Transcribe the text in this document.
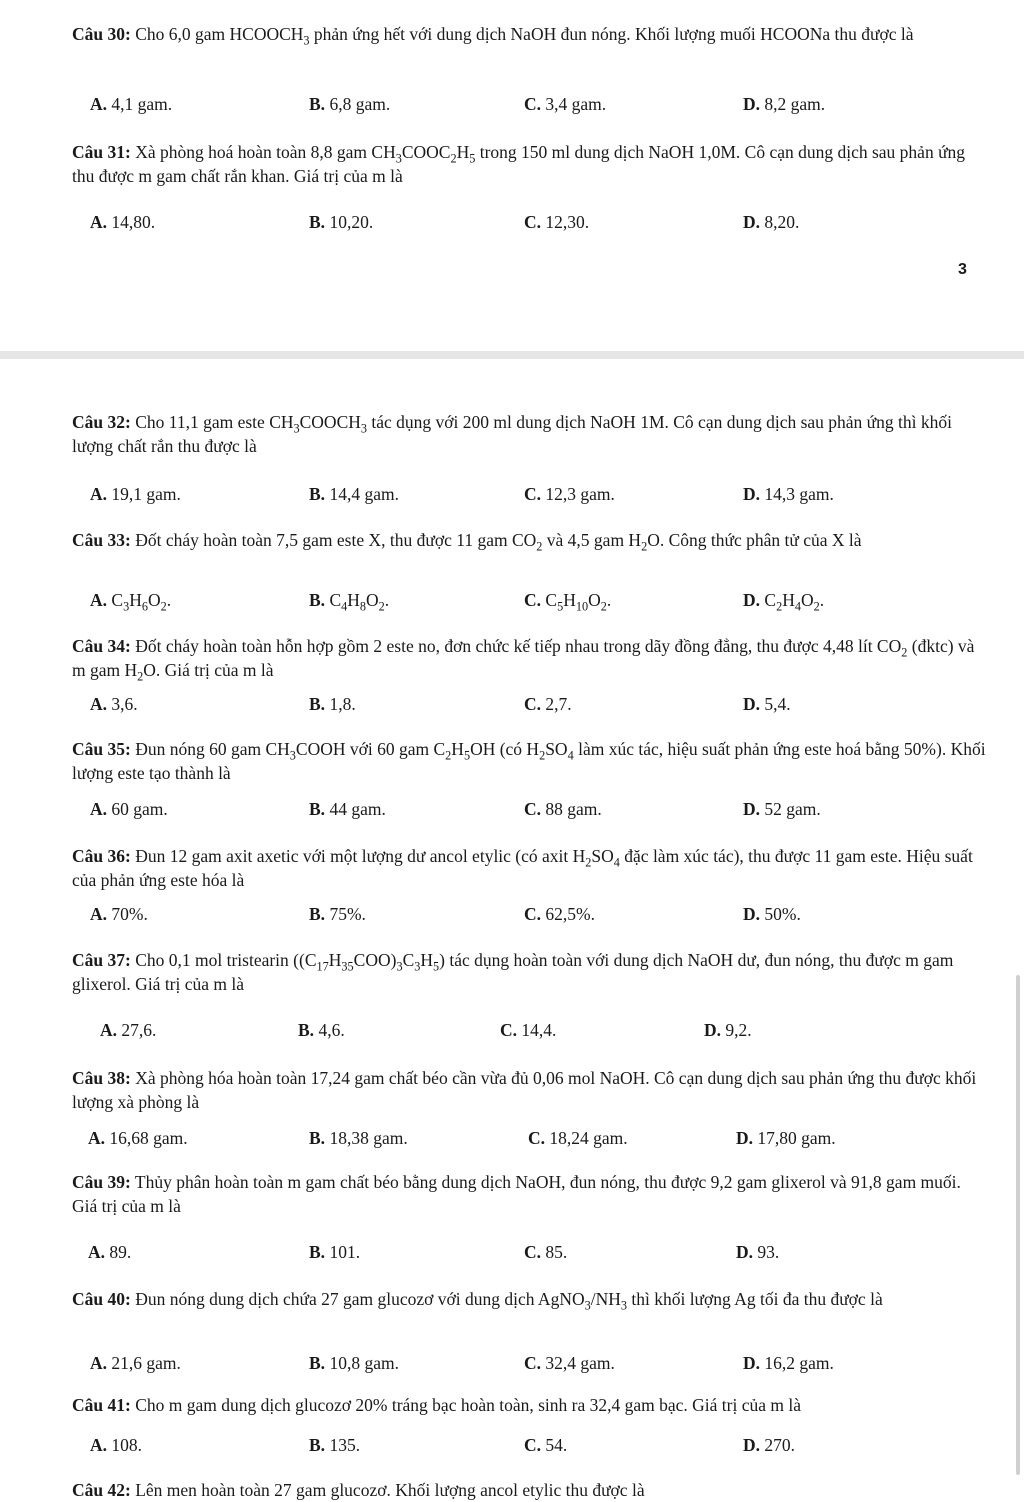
Câu 30: Cho 6,0 gam $HCOOCH_3$ phản ứng hết với dung dịch NaOH đun nóng. Khối lượng muối HCOONa thu được là

A. 4,1 gam.	B. 6,8 gam.	C. 3,4 gam.	D. 8,2 gam.

Câu 31: Xà phòng hoá hoàn toàn 8,8 gam $CH_3COOC_2H_5$ trong 150 ml dung dịch NaOH 1,0M. Cô cạn dung dịch sau phản ứng thu được m gam chất rắn khan. Giá trị của m là

A. 14,80.	B. 10,20.	C. 12,30.	D. 8,20.
3

Câu 32: Cho 11,1 gam este $CH_3COOCH_3$ tác dụng với 200 ml dung dịch NaOH 1M. Cô cạn dung dịch sau phản ứng thì khối lượng chất rắn thu được là

A. 19,1 gam.	B. 14,4 gam.	C. 12,3 gam.	D. 14,3 gam.

Câu 33: Đốt cháy hoàn toàn 7,5 gam este X, thu được 11 gam $CO_2$ và 4,5 gam $H_2O$. Công thức phân tử của X là

A. $C_3H_6O_2$.	B. $C_4H_8O_2$.	C. $C_5H_{10}O_2$.	D. $C_2H_4O_2$.

Câu 34: Đốt cháy hoàn toàn hỗn hợp gồm 2 este no, đơn chức kế tiếp nhau trong dãy đồng đẳng, thu được 4,48 lít $CO_2$ (đktc) và m gam $H_2O$. Giá trị của m là

A. 3,6.	B. 1,8.	C. 2,7.	D. 5,4.

Câu 35: Đun nóng 60 gam $CH_3COOH$ với 60 gam $C_2H_5OH$ (có $H_2SO_4$ làm xúc tác, hiệu suất phản ứng este hoá bằng 50%). Khối lượng este tạo thành là

A. 60 gam.	B. 44 gam.	C. 88 gam.	D. 52 gam.

Câu 36: Đun 12 gam axit axetic với một lượng dư ancol etylic (có axit $H_2SO_4$ đặc làm xúc tác), thu được 11 gam este. Hiệu suất của phản ứng este hóa là

A. 70%.	B. 75%.	C. 62,5%.	D. 50%.

Câu 37: Cho 0,1 mol tristearin $((C_{17}H_{35}COO)_3C_3H_5)$ tác dụng hoàn toàn với dung dịch NaOH dư, đun nóng, thu được m gam glixerol. Giá trị của m là

A. 27,6.	B. 4,6.	C. 14,4.	D. 9,2.

Câu 38: Xà phòng hóa hoàn toàn 17,24 gam chất béo cần vừa đủ 0,06 mol NaOH. Cô cạn dung dịch sau phản ứng thu được khối lượng xà phòng là

A. 16,68 gam.	B. 18,38 gam.	C. 18,24 gam.	D. 17,80 gam.

Câu 39: Thủy phân hoàn toàn m gam chất béo bằng dung dịch NaOH, đun nóng, thu được 9,2 gam glixerol và 91,8 gam muối. Giá trị của m là

A. 89.	B. 101.	C. 85.	D. 93.

Câu 40: Đun nóng dung dịch chứa 27 gam glucozơ với dung dịch $AgNO_3/NH_3$ thì khối lượng Ag tối đa thu được là

A. 21,6 gam.	B. 10,8 gam.	C. 32,4 gam.	D. 16,2 gam.

Câu 41: Cho m gam dung dịch glucozơ 20% tráng bạc hoàn toàn, sinh ra 32,4 gam bạc. Giá trị của m là

A. 108.	B. 135.	C. 54.	D. 270.
Câu 42: Lên men hoàn toàn 27 gam glucozơ. Khối lượng ancol etylic thu được là
